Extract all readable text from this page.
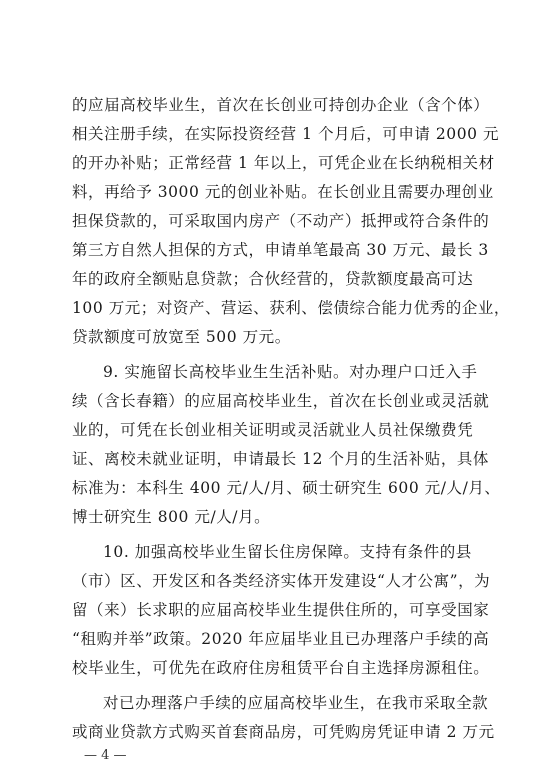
的应届高校毕业生，首次在长创业可持创办企业（含个体）
相关注册手续，在实际投资经营 1 个月后，可申请 2000 元
的开办补贴；正常经营 1 年以上，可凭企业在长纳税相关材
料，再给予 3000 元的创业补贴。在长创业且需要办理创业
担保贷款的，可采取国内房产（不动产）抵押或符合条件的
第三方自然人担保的方式，申请单笔最高 30 万元、最长 3
年的政府全额贴息贷款；合伙经营的，贷款额度最高可达
100 万元；对资产、营运、获利、偿债综合能力优秀的企业，
贷款额度可放宽至 500 万元。
9. 实施留长高校毕业生生活补贴。对办理户口迁入手
续（含长春籍）的应届高校毕业生，首次在长创业或灵活就
业的，可凭在长创业相关证明或灵活就业人员社保缴费凭
证、离校未就业证明，申请最长 12 个月的生活补贴，具体
标准为：本科生 400 元/人/月、硕士研究生 600 元/人/月、
博士研究生 800 元/人/月。
10. 加强高校毕业生留长住房保障。支持有条件的县
（市）区、开发区和各类经济实体开发建设“人才公寓”，为
留（来）长求职的应届高校毕业生提供住所的，可享受国家
“租购并举”政策。2020 年应届毕业且已办理落户手续的高
校毕业生，可优先在政府住房租赁平台自主选择房源租住。
对已办理落户手续的应届高校毕业生，在我市采取全款
或商业贷款方式购买首套商品房，可凭购房凭证申请 2 万元
— 4 —
